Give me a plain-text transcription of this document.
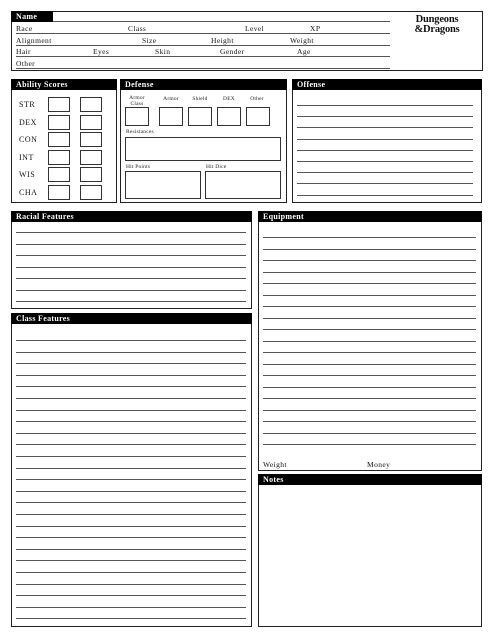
Name
Race	Class	Level	XP
Alignment	Size	Height	Weight
Hair	Eyes	Skin	Gender	Age
Other
Dungeons
&Dragons
Ability Scores
STR
DEX
CON
INT
WIS
CHA
Defense
Armor Class
Armor	Shield	DEX	Other
Resistances
Hit Points	Hit Dice
Offense
Racial Features
Class Features
Equipment
Weight	Money
Notes
